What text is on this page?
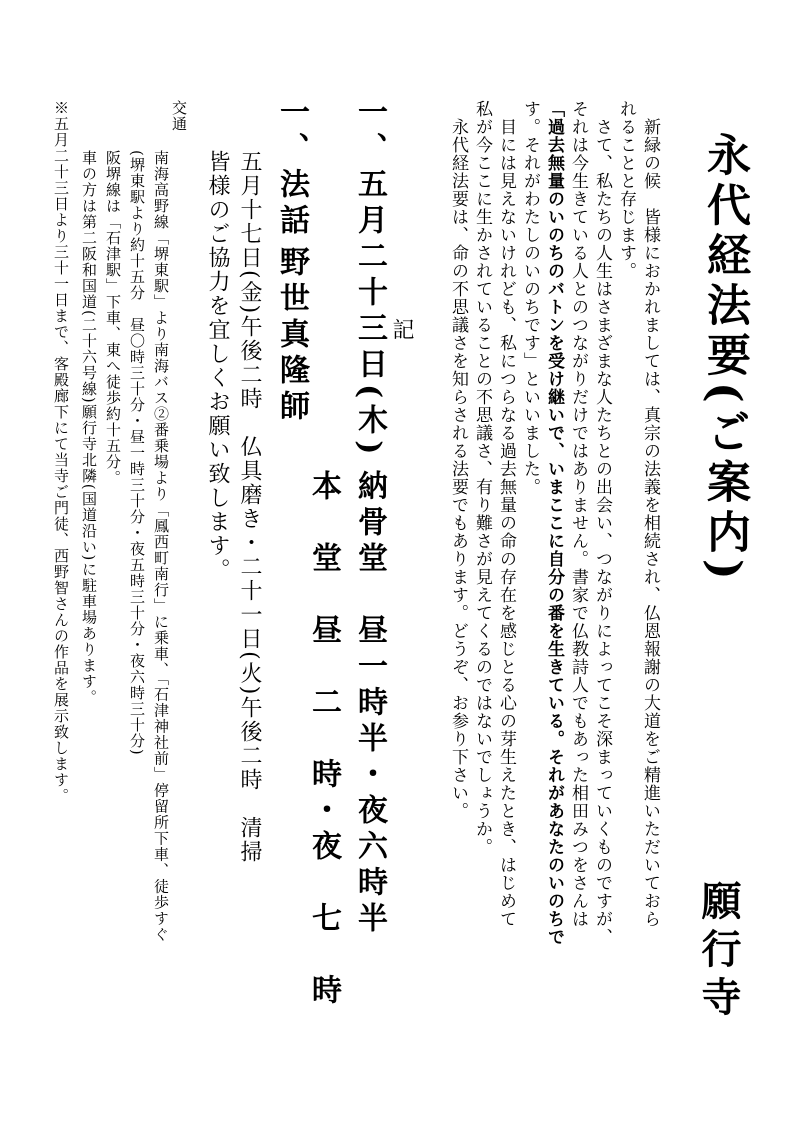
永代経法要(ご案内)
願行寺
新緑の候　皆様におかれましては、真宗の法義を相続され、仏恩報謝の大道をご精進いただいておら
れることと存じます。
さて、私たちの人生はさまざまな人たちとの出会い、つながりによってこそ深まっていくものですが、
それは今生きている人とのつながりだけではありません。書家で仏教詩人でもあった相田みつをさんは
「過去無量のいのちのバトンを受け継いで、いまここに自分の番を生きている。それがあなたのいのちで
す。それがわたしのいのちです」といいました。
目には見えないけれども、私につらなる過去無量の命の存在を感じとる心の芽生えたとき、はじめて
私が今ここに生かされていることの不思議さ、有り難さが見えてくるのではないでしょうか。
永代経法要は、命の不思議さを知らされる法要でもあります。どうぞ、お参り下さい。
記
一、五月二十三日(木)
納骨堂　昼一時半・夜六時半
本　堂　昼　二　時・夜　七　時
一、法話
野世真隆師
五月十七日(金)午後二時　仏具磨き・二十一日(火)午後二時　清掃
皆様のご協力を宜しくお願い致します。
交通
南海高野線「堺東駅」より南海バス②番乗場より「鳳西町南行」に乗車、「石津神社前」停留所下車、徒歩すぐ
(堺東駅より約十五分　昼〇時三十分・昼一時三十分・夜五時三十分・夜六時三十分)
阪堺線は「石津駅」下車、東へ徒歩約十五分。
車の方は第二阪和国道(二十六号線)願行寺北隣(国道沿い)に駐車場あります。
※五月二十三日より三十一日まで、客殿廊下にて当寺ご門徒、西野智さんの作品を展示致します。
